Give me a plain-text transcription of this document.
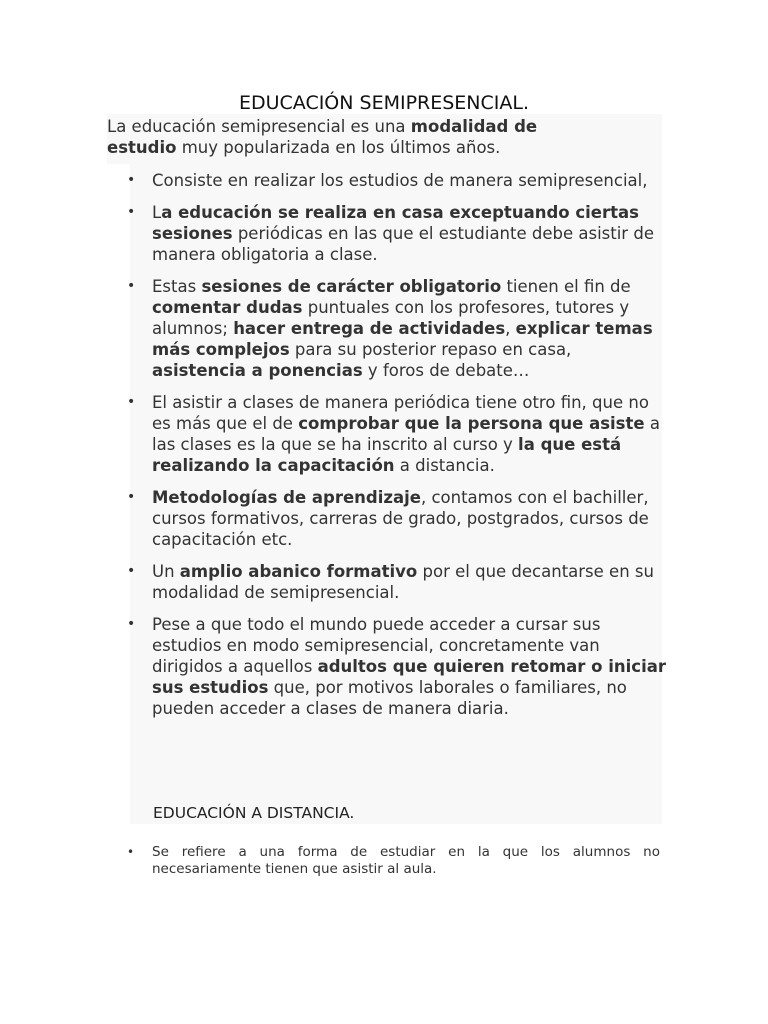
EDUCACIÓN SEMIPRESENCIAL.

La educación semipresencial es una modalidad de estudio muy popularizada en los últimos años.

• Consiste en realizar los estudios de manera semipresencial,
• La educación se realiza en casa exceptuando ciertas sesiones periódicas en las que el estudiante debe asistir de manera obligatoria a clase.
• Estas sesiones de carácter obligatorio tienen el fin de comentar dudas puntuales con los profesores, tutores y alumnos; hacer entrega de actividades, explicar temas más complejos para su posterior repaso en casa, asistencia a ponencias y foros de debate…
• El asistir a clases de manera periódica tiene otro fin, que no es más que el de comprobar que la persona que asiste a las clases es la que se ha inscrito al curso y la que está realizando la capacitación a distancia.
• Metodologías de aprendizaje, contamos con el bachiller, cursos formativos, carreras de grado, postgrados, cursos de capacitación etc.
• Un amplio abanico formativo por el que decantarse en su modalidad de semipresencial.
• Pese a que todo el mundo puede acceder a cursar sus estudios en modo semipresencial, concretamente van dirigidos a aquellos adultos que quieren retomar o iniciar sus estudios que, por motivos laborales o familiares, no pueden acceder a clases de manera diaria.
EDUCACIÓN A DISTANCIA.
• Se refiere a una forma de estudiar en la que los alumnos no necesariamente tienen que asistir al aula.
